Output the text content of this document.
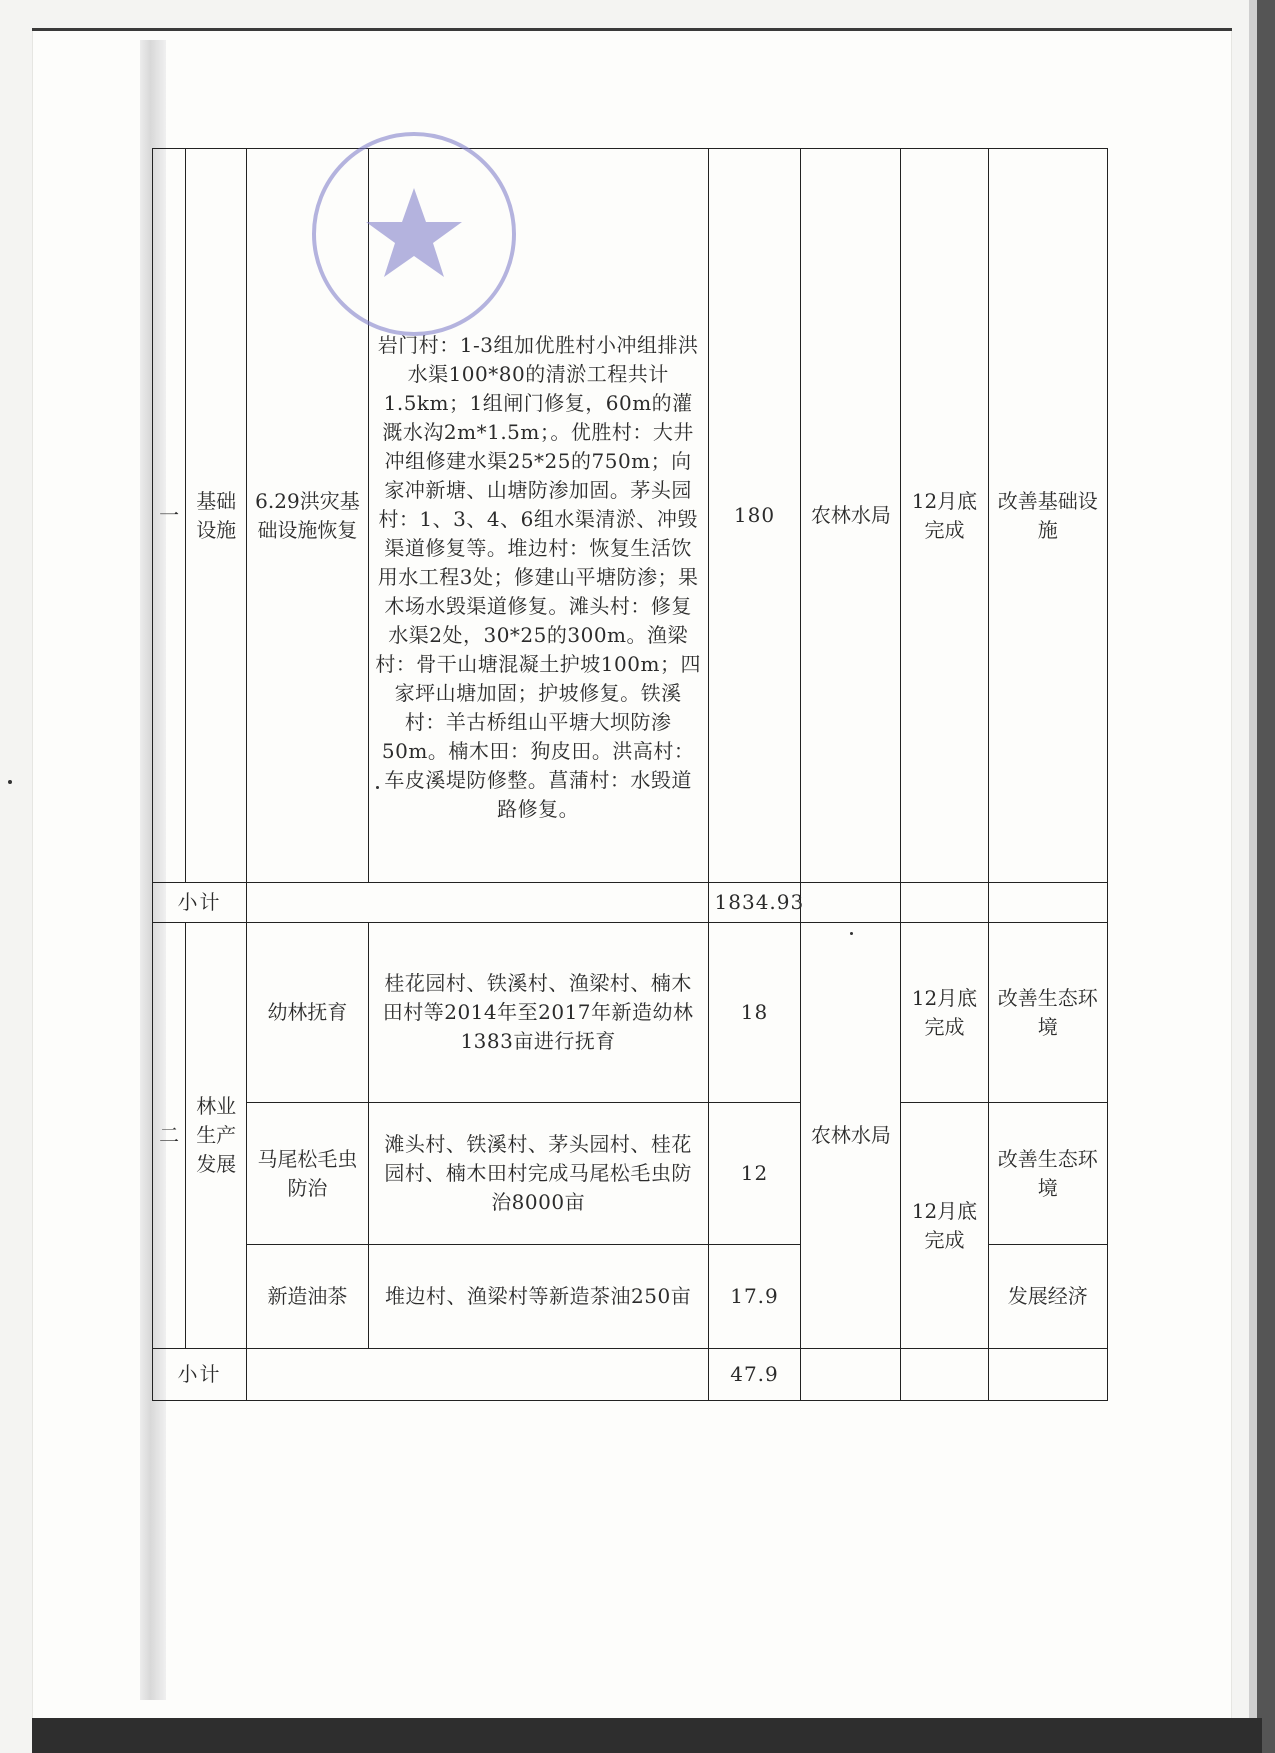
一	基础设施	6.29洪灾基础设施恢复	岩门村：1-3组加优胜村小冲组排洪水渠100*80的清淤工程共计1.5km；1组闸门修复，60m的灌溉水沟2m*1.5m；。优胜村：大井冲组修建水渠25*25的750m；向家冲新塘、山塘防渗加固。茅头园村：1、3、4、6组水渠清淤、冲毁渠道修复等。堆边村：恢复生活饮用水工程3处；修建山平塘防渗；果木场水毁渠道修复。滩头村：修复水渠2处，30*25的300m。渔梁村：骨干山塘混凝土护坡100m；四家坪山塘加固；护坡修复。铁溪村：羊古桥组山平塘大坝防渗50m。楠木田：狗皮田。洪高村：车皮溪堤防修整。菖蒲村：水毁道路修复。	180	农林水局	12月底完成	改善基础设施
小计				1834.93			
二	林业生产发展	幼林抚育	桂花园村、铁溪村、渔梁村、楠木田村等2014年至2017年新造幼林1383亩进行抚育	18	农林水局	12月底完成	改善生态环境
		马尾松毛虫防治	滩头村、铁溪村、茅头园村、桂花园村、楠木田村完成马尾松毛虫防治8000亩	12		12月底完成	改善生态环境
		新造油茶	堆边村、渔梁村等新造茶油250亩	17.9			发展经济
小计				47.9			
